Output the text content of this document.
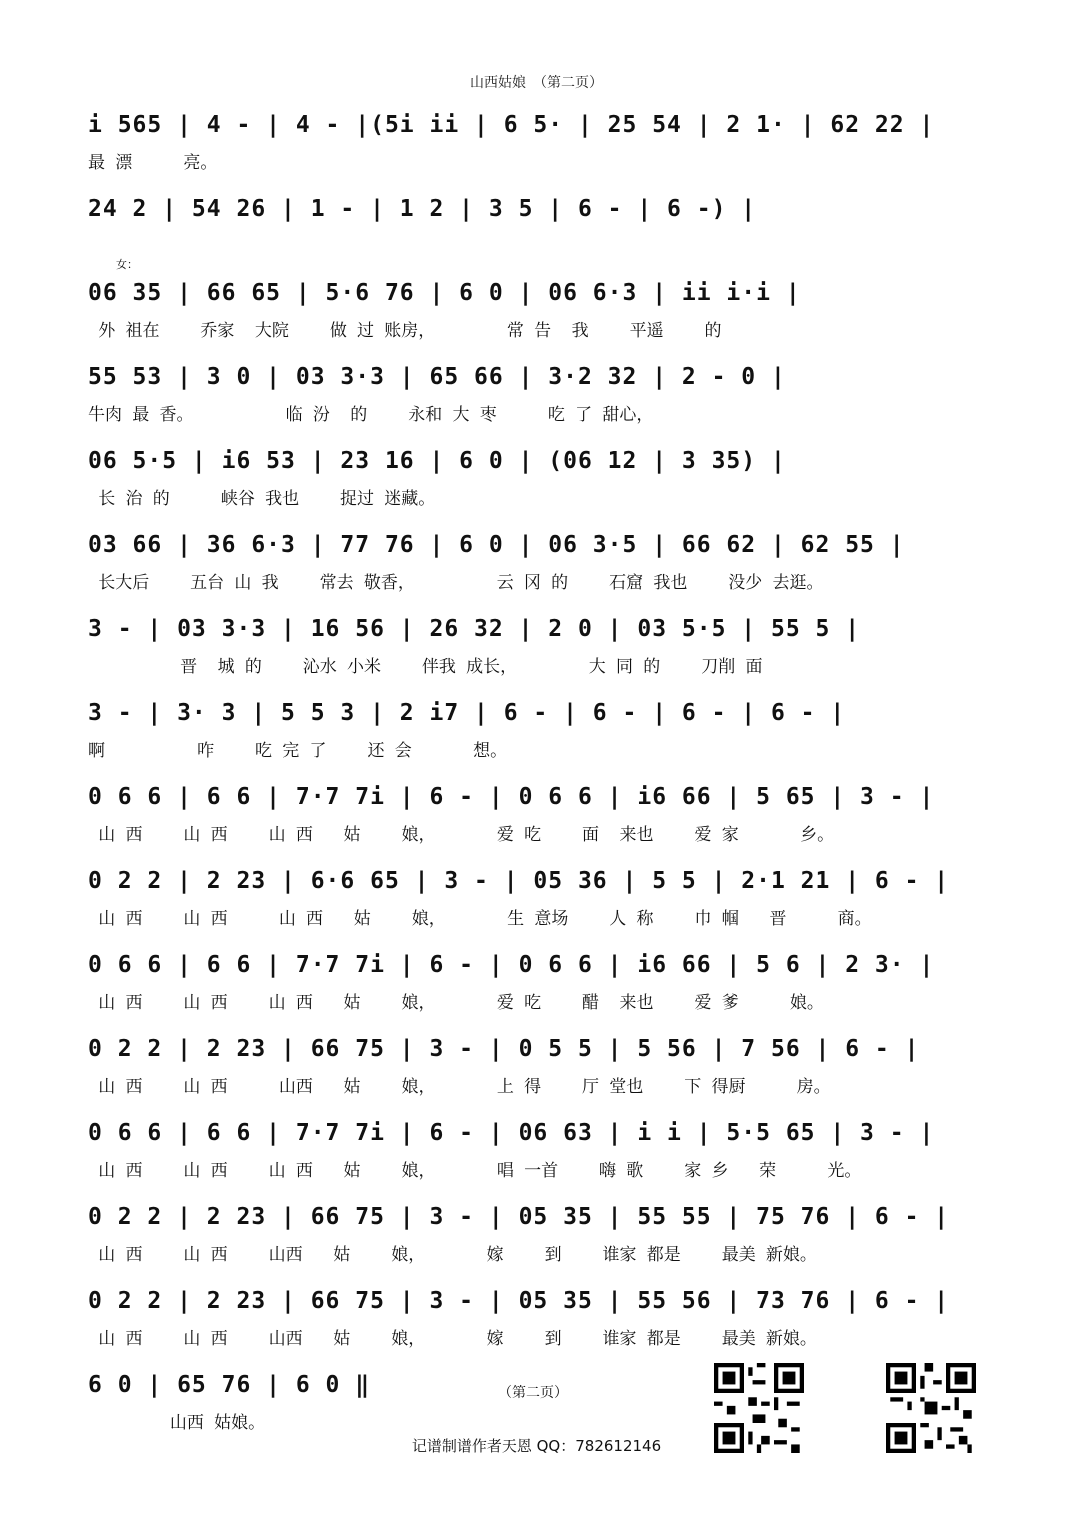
山西姑娘　（第二页）
女：
i 565 | 4 - | 4 - |(5i ii | 6 5· | 25 54 | 2 1· | 62 22 |
最 漂     亮。
24 2 | 54 26 | 1 - | 1 2 | 3 5 | 6 - | 6 -) |
06 35 | 66 65 | 5·6 76 | 6 0 | 06 6·3 | ii i·i |
外 祖在    乔家  大院    做 过 账房，       常 告  我    平遥    的
55 53 | 3 0 | 03 3·3 | 65 66 | 3·2 32 | 2 - 0 |
牛肉 最 香。         临 汾  的    永和 大 枣     吃 了 甜心，
06 5·5 | i6 53 | 23 16 | 6 0 | (06 12 | 3 35) |
长 治 的     峡谷 我也    捉过 迷藏。
03 66 | 36 6·3 | 77 76 | 6 0 | 06 3·5 | 66 62 | 62 55 |
长大后    五台 山 我    常去 敬香，        云 冈 的    石窟 我也    没少 去逛。
3 - | 03 3·3 | 16 56 | 26 32 | 2 0 | 03 5·5 | 55 5 |
晋  城 的    沁水 小米    伴我 成长，       大 同 的    刀削 面
3 - | 3· 3 | 5 5 3 | 2 i7 | 6 - | 6 - | 6 - | 6 - |
啊         咋    吃 完 了    还 会      想。
0 6 6 | 6 6 | 7·7 7i | 6 - | 0 6 6 | i6 66 | 5 65 | 3 - |
山 西    山 西    山 西   姑    娘，      爱 吃    面  来也    爱 家      乡。
0 2 2 | 2 23 | 6·6 65 | 3 - | 05 36 | 5 5 | 2·1 21 | 6 - |
山 西    山 西     山 西   姑    娘，      生 意场    人 称    巾 帼   晋     商。
0 6 6 | 6 6 | 7·7 7i | 6 - | 0 6 6 | i6 66 | 5 6 | 2 3· |
山 西    山 西    山 西   姑    娘，      爱 吃    醋  来也    爱 爹     娘。
0 2 2 | 2 23 | 66 75 | 3 - | 0 5 5 | 5 56 | 7 56 | 6 - |
山 西    山 西     山西   姑    娘，      上 得    厅 堂也    下 得厨     房。
0 6 6 | 6 6 | 7·7 7i | 6 - | 06 63 | i i | 5·5 65 | 3 - |
山 西    山 西    山 西   姑    娘，      唱 一首    嗨 歌    家 乡   荣     光。
0 2 2 | 2 23 | 66 75 | 3 - | 05 35 | 55 55 | 75 76 | 6 - |
山 西    山 西    山西   姑    娘，      嫁    到    谁家 都是    最美 新娘。
0 2 2 | 2 23 | 66 75 | 3 - | 05 35 | 55 56 | 73 76 | 6 - |
山 西    山 西    山西   姑    娘，      嫁    到    谁家 都是    最美 新娘。
6 0 | 65 76 | 6 0 ‖
山西 姑娘。
（第二页）
记谱制谱作者天恩 QQ：782612146
